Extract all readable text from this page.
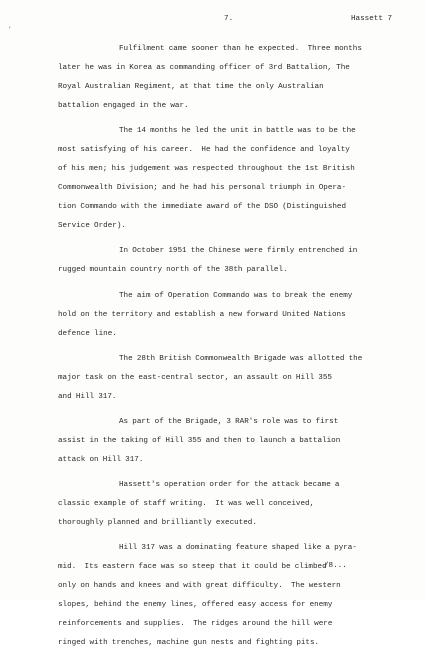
'
7.	Hassett 7

Fulfilment came sooner than he expected.  Three months
later he was in Korea as commanding officer of 3rd Battalion, The
Royal Australian Regiment, at that time the only Australian
battalion engaged in the war.

The 14 months he led the unit in battle was to be the
most satisfying of his career.  He had the confidence and loyalty
of his men; his judgement was respected throughout the 1st British
Commonwealth Division; and he had his personal triumph in Opera-
tion Commando with the immediate award of the DSO (Distinguished
Service Order).

In October 1951 the Chinese were firmly entrenched in
rugged mountain country north of the 38th parallel.

The aim of Operation Commando was to break the enemy
hold on the territory and establish a new forward United Nations
defence line.

The 28th British Commonwealth Brigade was allotted the
major task on the east-central sector, an assault on Hill 355
and Hill 317.

As part of the Brigade, 3 RAR's role was to first
assist in the taking of Hill 355 and then to launch a battalion
attack on Hill 317.

Hassett's operation order for the attack became a
classic example of staff writing.  It was well conceived,
thoroughly planned and brilliantly executed.

Hill 317 was a dominating feature shaped like a pyra-
mid.  Its eastern face was so steep that it could be climbed
only on hands and knees and with great difficulty.  The western
slopes, behind the enemy lines, offered easy access for enemy
reinforcements and supplies.  The ridges around the hill were
ringed with trenches, machine gun nests and fighting pits.

/8...
